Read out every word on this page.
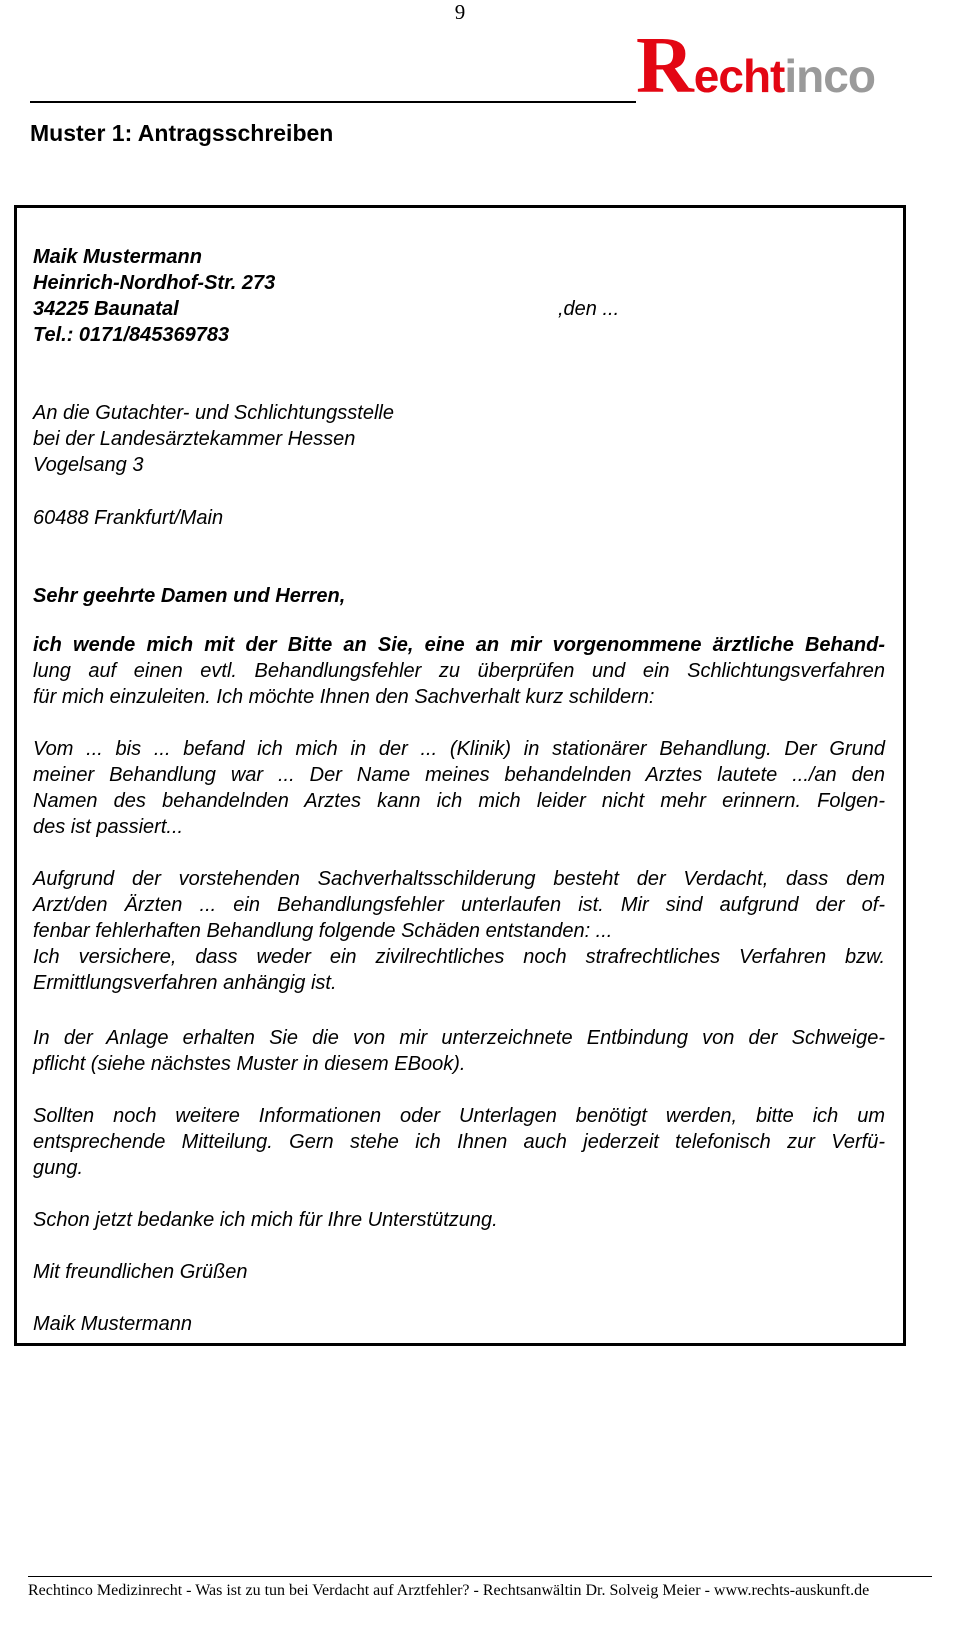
9
R echt inco
Muster 1: Antragsschreiben
Maik Mustermann
Heinrich-Nordhof-Str. 273
34225 Baunatal	,den ...
Tel.: 0171/845369783
An die Gutachter- und Schlichtungsstelle
bei der Landesärztekammer Hessen
Vogelsang 3
60488 Frankfurt/Main
Sehr geehrte Damen und Herren,
ich wende mich mit der Bitte an Sie, eine an mir vorgenommene ärztliche Behand-
lung auf einen evtl. Behandlungsfehler zu überprüfen und ein Schlichtungsverfahren
für mich einzuleiten. Ich möchte Ihnen den Sachverhalt kurz schildern:
Vom ... bis ... befand ich mich in der ... (Klinik) in stationärer Behandlung. Der Grund
meiner Behandlung war ... Der Name meines behandelnden Arztes lautete .../an den
Namen des behandelnden Arztes kann ich mich leider nicht mehr erinnern. Folgen-
des ist passiert...
Aufgrund der vorstehenden Sachverhaltsschilderung besteht der Verdacht, dass dem
Arzt/den Ärzten ... ein Behandlungsfehler unterlaufen ist. Mir sind aufgrund der of-
fenbar fehlerhaften Behandlung folgende Schäden entstanden: ...
Ich versichere, dass weder ein zivilrechtliches noch strafrechtliches Verfahren bzw.
Ermittlungsverfahren anhängig ist.
In der Anlage erhalten Sie die von mir unterzeichnete Entbindung von der Schweige-
pflicht (siehe nächstes Muster in diesem EBook).
Sollten noch weitere Informationen oder Unterlagen benötigt werden, bitte ich um
entsprechende Mitteilung. Gern stehe ich Ihnen auch jederzeit telefonisch zur Verfü-
gung.
Schon jetzt bedanke ich mich für Ihre Unterstützung.
Mit freundlichen Grüßen
Maik Mustermann
Rechtinco Medizinrecht - Was ist zu tun bei Verdacht auf Arztfehler? - Rechtsanwältin Dr. Solveig Meier - www.rechts-auskunft.de
